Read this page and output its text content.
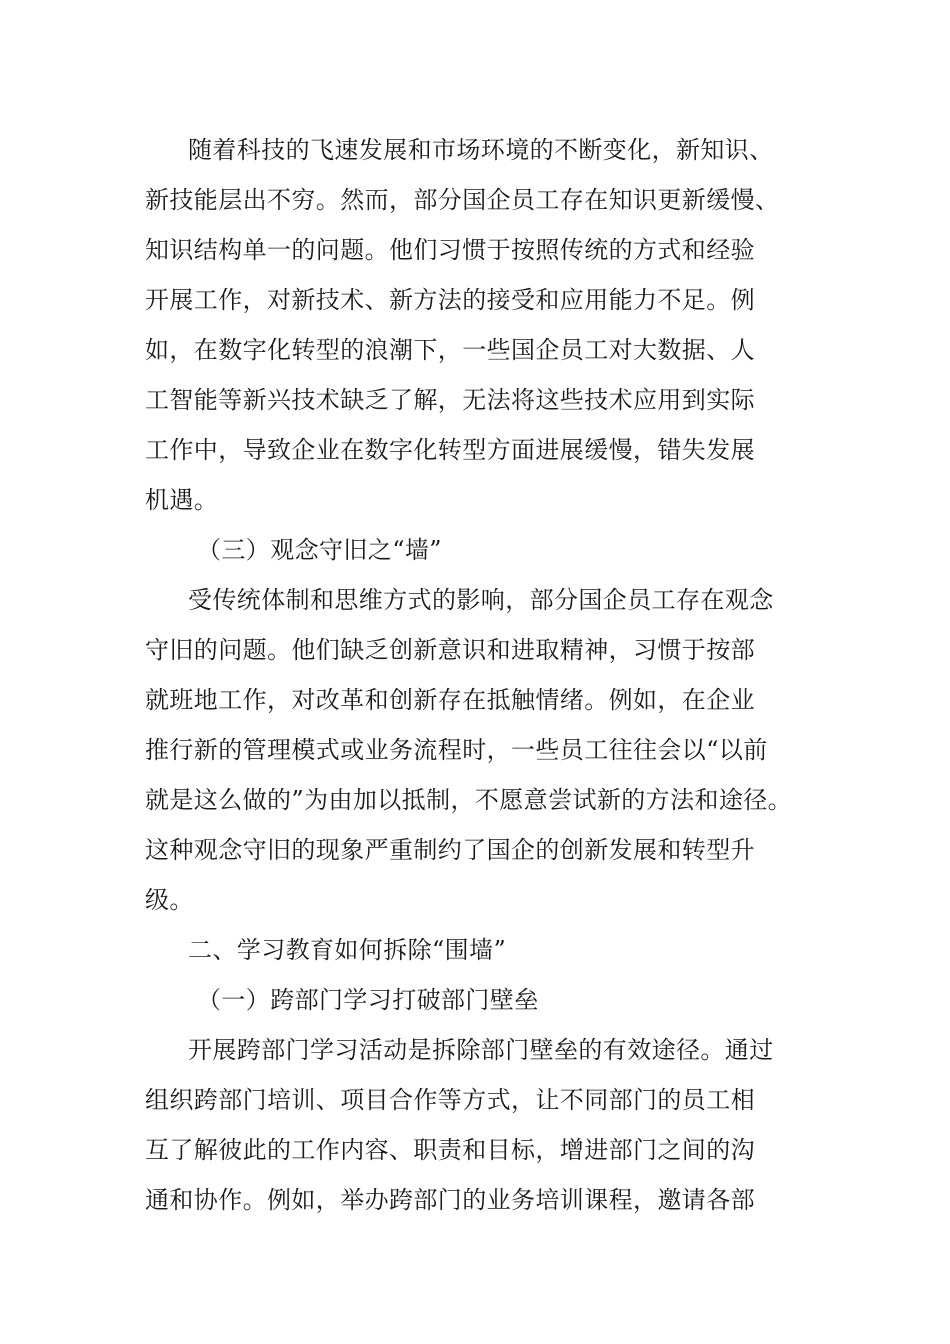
随着科技的飞速发展和市场环境的不断变化，新知识、
新技能层出不穷。然而，部分国企员工存在知识更新缓慢、
知识结构单一的问题。他们习惯于按照传统的方式和经验
开展工作，对新技术、新方法的接受和应用能力不足。例
如，在数字化转型的浪潮下，一些国企员工对大数据、人
工智能等新兴技术缺乏了解，无法将这些技术应用到实际
工作中，导致企业在数字化转型方面进展缓慢，错失发展
机遇。
（三）观念守旧之“墙”
受传统体制和思维方式的影响，部分国企员工存在观念
守旧的问题。他们缺乏创新意识和进取精神，习惯于按部
就班地工作，对改革和创新存在抵触情绪。例如，在企业
推行新的管理模式或业务流程时，一些员工往往会以“以前
就是这么做的”为由加以抵制，不愿意尝试新的方法和途径。
这种观念守旧的现象严重制约了国企的创新发展和转型升
级。
二、学习教育如何拆除“围墙”
（一）跨部门学习打破部门壁垒
开展跨部门学习活动是拆除部门壁垒的有效途径。通过
组织跨部门培训、项目合作等方式，让不同部门的员工相
互了解彼此的工作内容、职责和目标，增进部门之间的沟
通和协作。例如，举办跨部门的业务培训课程，邀请各部
